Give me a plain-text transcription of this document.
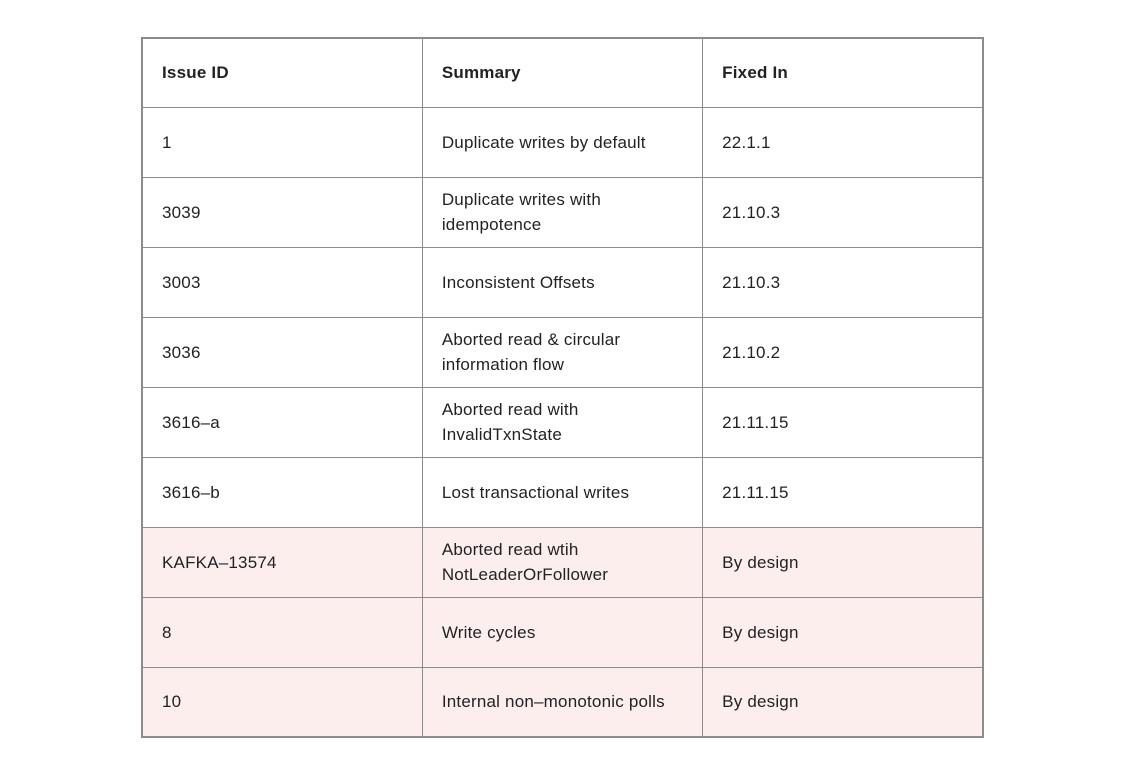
Issue ID	Summary	Fixed In
1	Duplicate writes by default	22.1.1
3039	Duplicate writes with idempotence	21.10.3
3003	Inconsistent Offsets	21.10.3
3036	Aborted read & circular information flow	21.10.2
3616–a	Aborted read with InvalidTxnState	21.11.15
3616–b	Lost transactional writes	21.11.15
KAFKA–13574	Aborted read wtih NotLeaderOrFollower	By design
8	Write cycles	By design
10	Internal non–monotonic polls	By design
